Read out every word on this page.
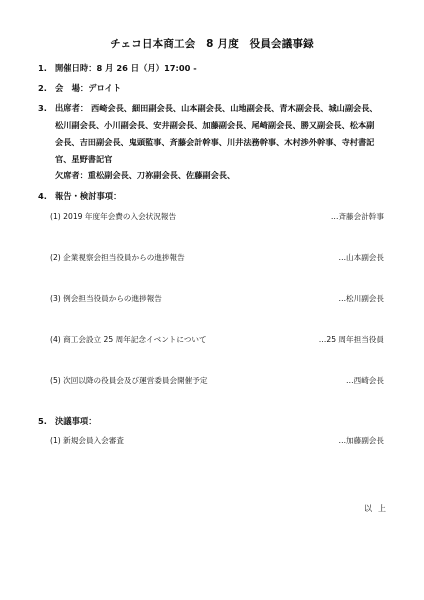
チェコ日本商工会　8 月度　役員会議事録
1. 開催日時：8 月 26 日（月）17:00 -
2. 会　場：デロイト
3. 出席者： 西崎会長、細田副会長、山本副会長、山地副会長、青木副会長、城山副会長、
松川副会長、小川副会長、安井副会長、加藤副会長、尾崎副会長、勝又副会長、松本副
会長、吉田副会長、鬼頭監事、斉藤会計幹事、川井法務幹事、木村渉外幹事、寺村書記
官、星野書記官
欠席者：重松副会長、刀祢副会長、佐藤副会長、
4. 報告・検討事項：
(1) 2019 年度年会費の入会状況報告	…斉藤会計幹事
(2) 企業視察会担当役員からの進捗報告	…山本副会長
(3) 例会担当役員からの進捗報告	…松川副会長
(4) 商工会設立 25 周年記念イベントについて	…25 周年担当役員
(5) 次回以降の役員会及び運営委員会開催予定	…西崎会長
5. 決議事項：
(1) 新規会員入会審査	…加藤副会長
以上
